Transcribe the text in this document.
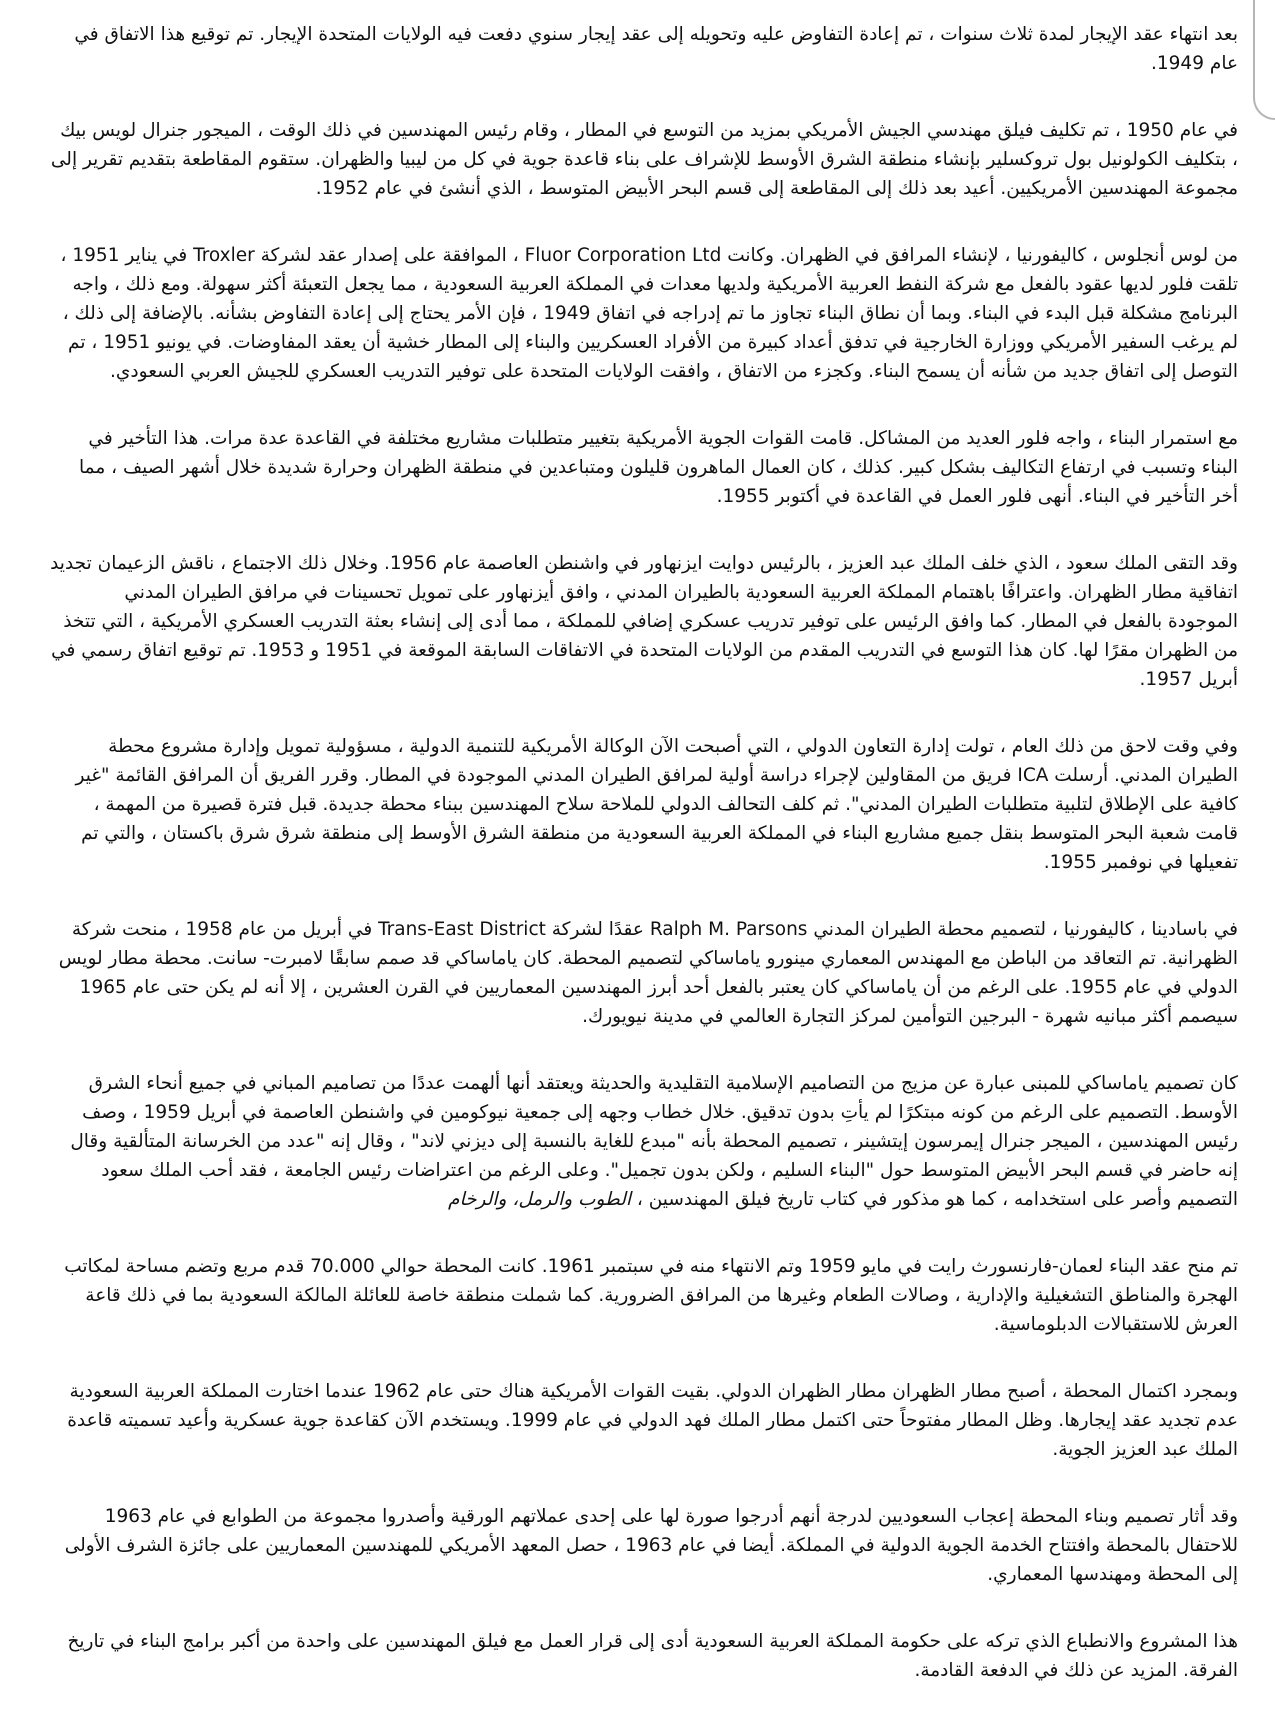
بعد انتهاء عقد الإيجار لمدة ثلاث سنوات ، تم إعادة التفاوض عليه وتحويله إلى عقد إيجار سنوي دفعت فيه الولايات المتحدة الإيجار. تم توقيع هذا الاتفاق في عام 1949.

في عام 1950 ، تم تكليف فيلق مهندسي الجيش الأمريكي بمزيد من التوسع في المطار ، وقام رئيس المهندسين في ذلك الوقت ، الميجور جنرال لويس بيك ، بتكليف الكولونيل بول تروكسلير بإنشاء منطقة الشرق الأوسط للإشراف على بناء قاعدة جوية في كل من ليبيا والظهران. ستقوم المقاطعة بتقديم تقرير إلى مجموعة المهندسين الأمريكيين. أعيد بعد ذلك إلى المقاطعة إلى قسم البحر الأبيض المتوسط ، الذي أنشئ في عام 1952.

من لوس أنجلوس ، كاليفورنيا ، لإنشاء المرافق في الظهران. وكانت Fluor Corporation Ltd ، الموافقة على إصدار عقد لشركة Troxler في يناير 1951 ، تلقت فلور لديها عقود بالفعل مع شركة النفط العربية الأمريكية ولديها معدات في المملكة العربية السعودية ، مما يجعل التعبئة أكثر سهولة. ومع ذلك ، واجه البرنامج مشكلة قبل البدء في البناء. وبما أن نطاق البناء تجاوز ما تم إدراجه في اتفاق 1949 ، فإن الأمر يحتاج إلى إعادة التفاوض بشأنه. بالإضافة إلى ذلك ، لم يرغب السفير الأمريكي ووزارة الخارجية في تدفق أعداد كبيرة من الأفراد العسكريين والبناء إلى المطار خشية أن يعقد المفاوضات. في يونيو 1951 ، تم التوصل إلى اتفاق جديد من شأنه أن يسمح البناء. وكجزء من الاتفاق ، وافقت الولايات المتحدة على توفير التدريب العسكري للجيش العربي السعودي.

مع استمرار البناء ، واجه فلور العديد من المشاكل. قامت القوات الجوية الأمريكية بتغيير متطلبات مشاريع مختلفة في القاعدة عدة مرات. هذا التأخير في البناء وتسبب في ارتفاع التكاليف بشكل كبير. كذلك ، كان العمال الماهرون قليلون ومتباعدين في منطقة الظهران وحرارة شديدة خلال أشهر الصيف ، مما أخر التأخير في البناء. أنهى فلور العمل في القاعدة في أكتوبر 1955.

وقد التقى الملك سعود ، الذي خلف الملك عبد العزيز ، بالرئيس دوايت ايزنهاور في واشنطن العاصمة عام 1956. وخلال ذلك الاجتماع ، ناقش الزعيمان تجديد اتفاقية مطار الظهران. واعترافًا باهتمام المملكة العربية السعودية بالطيران المدني ، وافق أيزنهاور على تمويل تحسينات في مرافق الطيران المدني الموجودة بالفعل في المطار. كما وافق الرئيس على توفير تدريب عسكري إضافي للمملكة ، مما أدى إلى إنشاء بعثة التدريب العسكري الأمريكية ، التي تتخذ من الظهران مقرًا لها. كان هذا التوسع في التدريب المقدم من الولايات المتحدة في الاتفاقات السابقة الموقعة في 1951 و 1953. تم توقيع اتفاق رسمي في أبريل 1957.

وفي وقت لاحق من ذلك العام ، تولت إدارة التعاون الدولي ، التي أصبحت الآن الوكالة الأمريكية للتنمية الدولية ، مسؤولية تمويل وإدارة مشروع محطة الطيران المدني. أرسلت ICA فريق من المقاولين لإجراء دراسة أولية لمرافق الطيران المدني الموجودة في المطار. وقرر الفريق أن المرافق القائمة "غير كافية على الإطلاق لتلبية متطلبات الطيران المدني". ثم كلف التحالف الدولي للملاحة سلاح المهندسين ببناء محطة جديدة. قبل فترة قصيرة من المهمة ، قامت شعبة البحر المتوسط بنقل جميع مشاريع البناء في المملكة العربية السعودية من منطقة الشرق الأوسط إلى منطقة شرق شرق باكستان ، والتي تم تفعيلها في نوفمبر 1955.

في باسادينا ، كاليفورنيا ، لتصميم محطة الطيران المدني Ralph M. Parsons عقدًا لشركة Trans-East District في أبريل من عام 1958 ، منحت شركة الظهرانية. تم التعاقد من الباطن مع المهندس المعماري مينورو ياماساكي لتصميم المحطة. كان ياماساكي قد صمم سابقًا لامبرت- سانت. محطة مطار لويس الدولي في عام 1955. على الرغم من أن ياماساكي كان يعتبر بالفعل أحد أبرز المهندسين المعماريين في القرن العشرين ، إلا أنه لم يكن حتى عام 1965 سيصمم أكثر مبانيه شهرة - البرجين التوأمين لمركز التجارة العالمي في مدينة نيويورك.

كان تصميم ياماساكي للمبنى عبارة عن مزيج من التصاميم الإسلامية التقليدية والحديثة ويعتقد أنها ألهمت عددًا من تصاميم المباني في جميع أنحاء الشرق الأوسط. التصميم على الرغم من كونه مبتكرًا لم يأتِ بدون تدقيق. خلال خطاب وجهه إلى جمعية نيوكومين في واشنطن العاصمة في أبريل 1959 ، وصف رئيس المهندسين ، الميجر جنرال إيمرسون إيتشينر ، تصميم المحطة بأنه "مبدع للغاية بالنسبة إلى ديزني لاند" ، وقال إنه "عدد من الخرسانة المتألقية وقال إنه حاضر في قسم البحر الأبيض المتوسط حول "البناء السليم ، ولكن بدون تجميل". وعلى الرغم من اعتراضات رئيس الجامعة ، فقد أحب الملك سعود التصميم وأصر على استخدامه ، كما هو مذكور في كتاب تاريخ فيلق المهندسين ، الطوب والرمل، والرخام

تم منح عقد البناء لعمان-فارنسورث رايت في مايو 1959 وتم الانتهاء منه في سبتمبر 1961. كانت المحطة حوالي 70.000 قدم مربع وتضم مساحة لمكاتب الهجرة والمناطق التشغيلية والإدارية ، وصالات الطعام وغيرها من المرافق الضرورية. كما شملت منطقة خاصة للعائلة المالكة السعودية بما في ذلك قاعة العرش للاستقبالات الدبلوماسية.

وبمجرد اكتمال المحطة ، أصبح مطار الظهران مطار الظهران الدولي. بقيت القوات الأمريكية هناك حتى عام 1962 عندما اختارت المملكة العربية السعودية عدم تجديد عقد إيجارها. وظل المطار مفتوحاً حتى اكتمل مطار الملك فهد الدولي في عام 1999. ويستخدم الآن كقاعدة جوية عسكرية وأعيد تسميته قاعدة الملك عبد العزيز الجوية.

وقد أثار تصميم وبناء المحطة إعجاب السعوديين لدرجة أنهم أدرجوا صورة لها على إحدى عملاتهم الورقية وأصدروا مجموعة من الطوابع في عام 1963 للاحتفال بالمحطة وافتتاح الخدمة الجوية الدولية في المملكة. أيضا في عام 1963 ، حصل المعهد الأمريكي للمهندسين المعماريين على جائزة الشرف الأولى إلى المحطة ومهندسها المعماري.

هذا المشروع والانطباع الذي تركه على حكومة المملكة العربية السعودية أدى إلى قرار العمل مع فيلق المهندسين على واحدة من أكبر برامج البناء في تاريخ الفرقة. المزيد عن ذلك في الدفعة القادمة.
